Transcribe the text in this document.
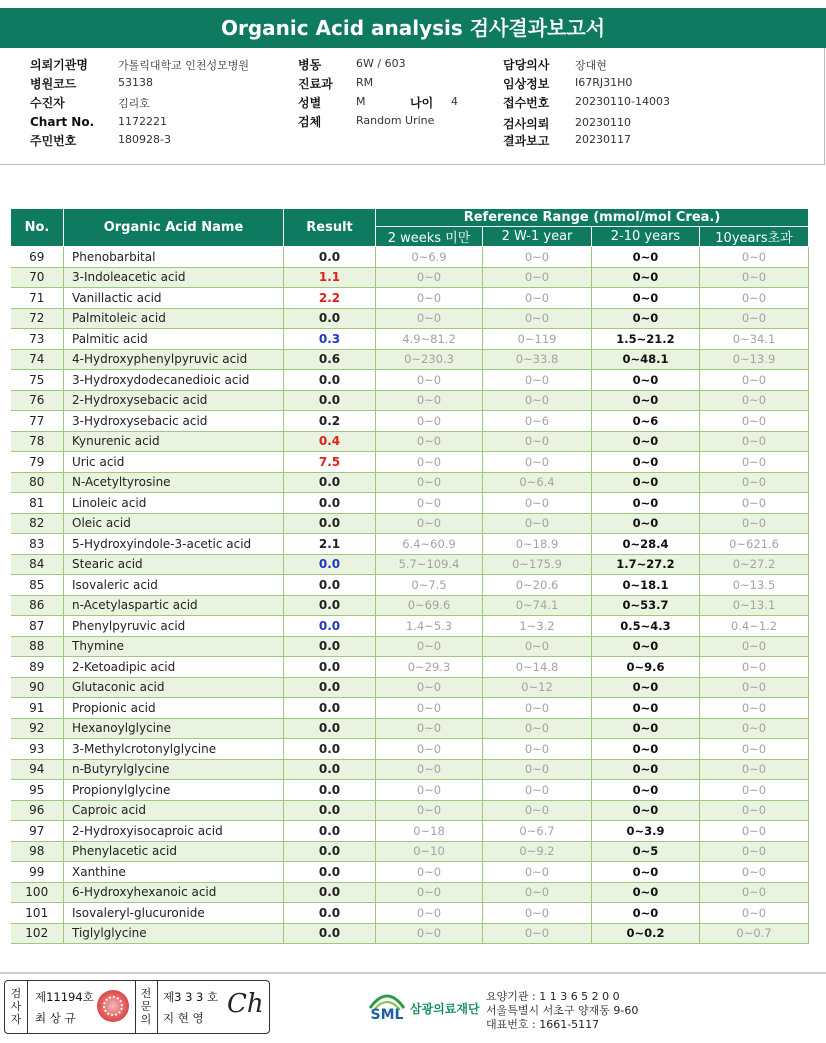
Organic Acid analysis 검사결과보고서
의뢰기관명	가톨릭대학교 인천성모병원
병원코드	53138
수진자	김리호
Chart No. 1172221
주민번호	180928-3
병동	6W / 603
진료과 RM
성별	M	나이 4
검체	Random Urine
담당의사 장대현
임상정보 I67RJ31H0
접수번호 20230110-14003
검사의뢰 20230110
결과보고 20230117
No.	Organic Acid Name	Result	Reference Range (mmol/mol Crea.)			
			2 weeks 미만	2 W-1 year	2-10 years	10years초과
69	Phenobarbital	0.0	0~6.9	0~0	0~0	0~0
70	3-Indoleacetic acid	1.1	0~0	0~0	0~0	0~0
71	Vanillactic acid	2.2	0~0	0~0	0~0	0~0
72	Palmitoleic acid	0.0	0~0	0~0	0~0	0~0
73	Palmitic acid	0.3	4.9~81.2	0~119	1.5~21.2	0~34.1
74	4-Hydroxyphenylpyruvic acid	0.6	0~230.3	0~33.8	0~48.1	0~13.9
75	3-Hydroxydodecanedioic acid	0.0	0~0	0~0	0~0	0~0
76	2-Hydroxysebacic acid	0.0	0~0	0~0	0~0	0~0
77	3-Hydroxysebacic acid	0.2	0~0	0~6	0~6	0~0
78	Kynurenic acid	0.4	0~0	0~0	0~0	0~0
79	Uric acid	7.5	0~0	0~0	0~0	0~0
80	N-Acetyltyrosine	0.0	0~0	0~6.4	0~0	0~0
81	Linoleic acid	0.0	0~0	0~0	0~0	0~0
82	Oleic acid	0.0	0~0	0~0	0~0	0~0
83	5-Hydroxyindole-3-acetic acid	2.1	6.4~60.9	0~18.9	0~28.4	0~621.6
84	Stearic acid	0.0	5.7~109.4	0~175.9	1.7~27.2	0~27.2
85	Isovaleric acid	0.0	0~7.5	0~20.6	0~18.1	0~13.5
86	n-Acetylaspartic acid	0.0	0~69.6	0~74.1	0~53.7	0~13.1
87	Phenylpyruvic acid	0.0	1.4~5.3	1~3.2	0.5~4.3	0.4~1.2
88	Thymine	0.0	0~0	0~0	0~0	0~0
89	2-Ketoadipic acid	0.0	0~29.3	0~14.8	0~9.6	0~0
90	Glutaconic acid	0.0	0~0	0~12	0~0	0~0
91	Propionic acid	0.0	0~0	0~0	0~0	0~0
92	Hexanoylglycine	0.0	0~0	0~0	0~0	0~0
93	3-Methylcrotonylglycine	0.0	0~0	0~0	0~0	0~0
94	n-Butyrylglycine	0.0	0~0	0~0	0~0	0~0
95	Propionylglycine	0.0	0~0	0~0	0~0	0~0
96	Caproic acid	0.0	0~0	0~0	0~0	0~0
97	2-Hydroxyisocaproic acid	0.0	0~18	0~6.7	0~3.9	0~0
98	Phenylacetic acid	0.0	0~10	0~9.2	0~5	0~0
99	Xanthine	0.0	0~0	0~0	0~0	0~0
100	6-Hydroxyhexanoic acid	0.0	0~0	0~0	0~0	0~0
101	Isovaleryl-glucuronide	0.0	0~0	0~0	0~0	0~0
102	Tiglylglycine	0.0	0~0	0~0	0~0.2	0~0.7
검
사
자
제11194호
최 상 규
전
문
의
제3 3 3 호
지 현 영 Ch	SML 삼광의료재단
요양기관 : 1 1 3 6 5 2 0 0
서울특별시 서초구 양재동 9-60
대표번호 : 1661-5117
